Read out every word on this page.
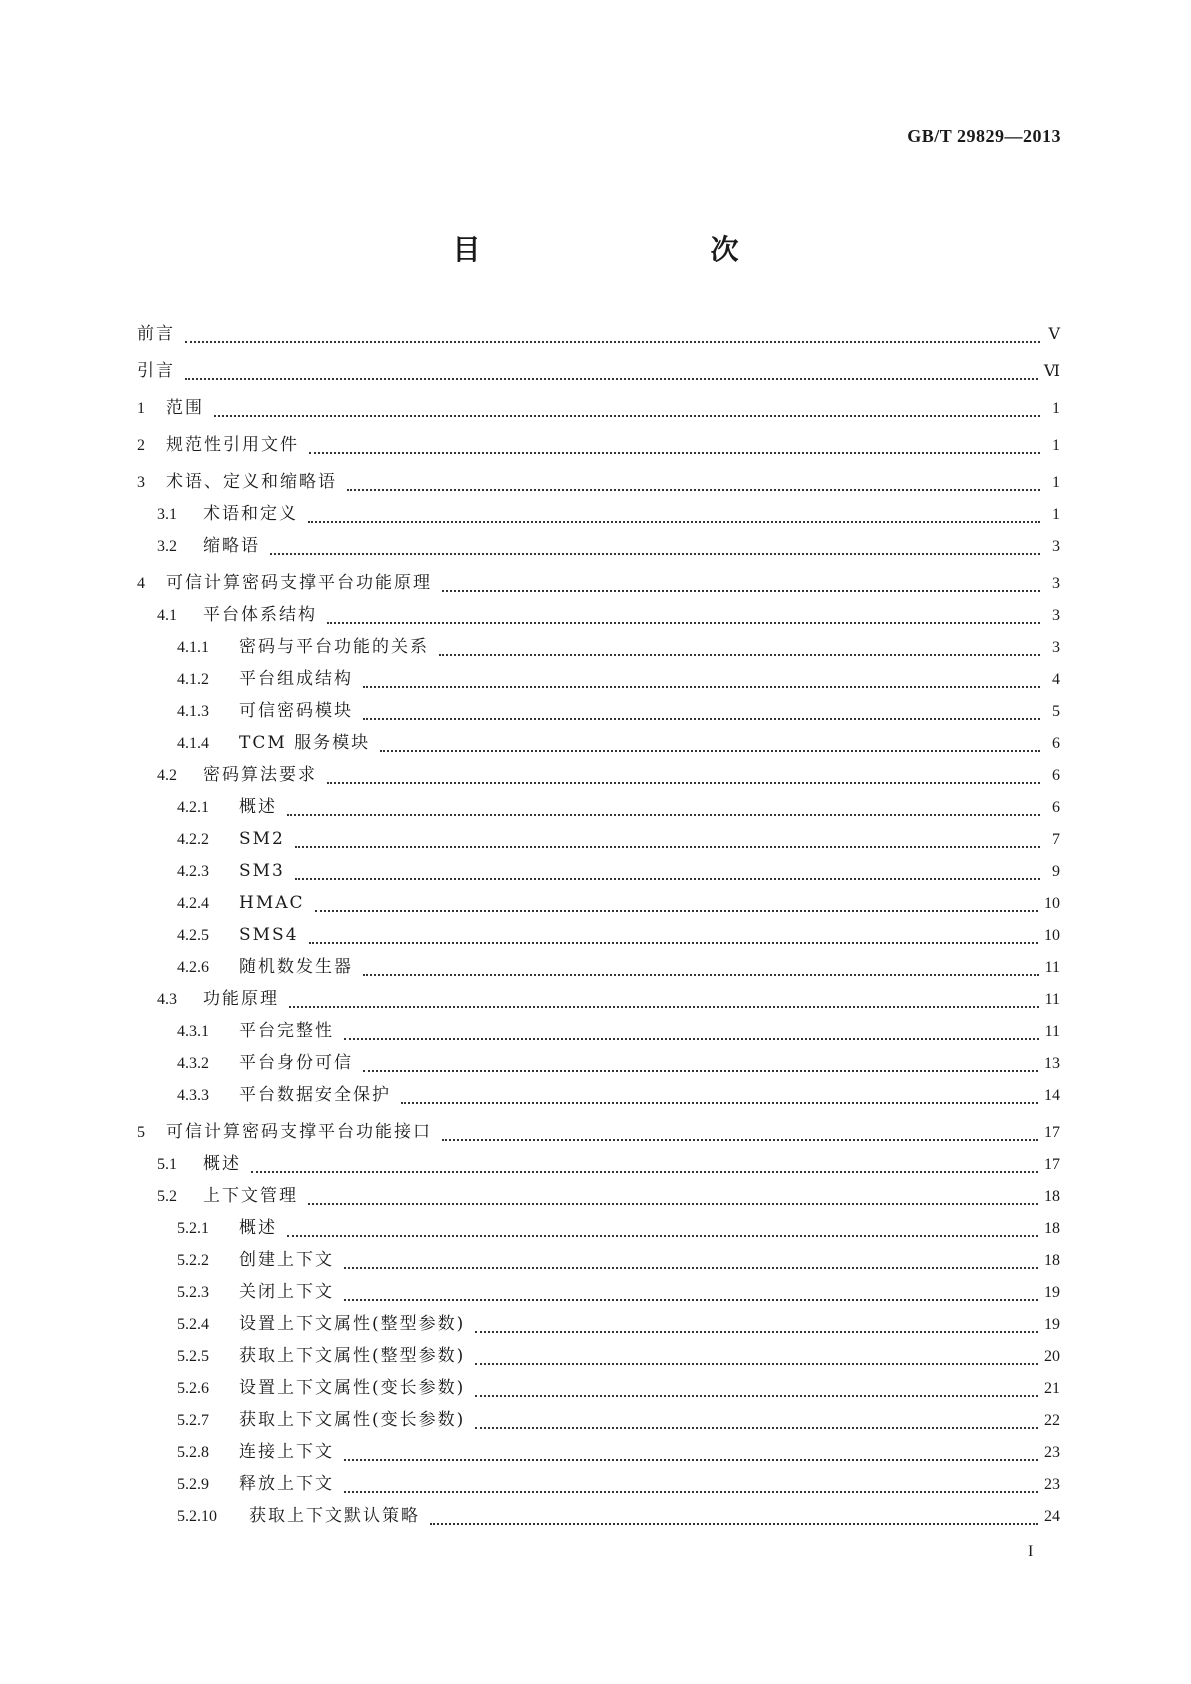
GB/T 29829—2013
目　　次
前言	Ⅴ
引言	Ⅵ
1	范围	1
2	规范性引用文件	1
3	术语、定义和缩略语	1
3.1	术语和定义	1
3.2	缩略语	3
4	可信计算密码支撑平台功能原理	3
4.1	平台体系结构	3
4.1.1	密码与平台功能的关系	3
4.1.2	平台组成结构	4
4.1.3	可信密码模块	5
4.1.4	TCM 服务模块	6
4.2	密码算法要求	6
4.2.1	概述	6
4.2.2	SM2	7
4.2.3	SM3	9
4.2.4	HMAC	10
4.2.5	SMS4	10
4.2.6	随机数发生器	11
4.3	功能原理	11
4.3.1	平台完整性	11
4.3.2	平台身份可信	13
4.3.3	平台数据安全保护	14
5	可信计算密码支撑平台功能接口	17
5.1	概述	17
5.2	上下文管理	18
5.2.1	概述	18
5.2.2	创建上下文	18
5.2.3	关闭上下文	19
5.2.4	设置上下文属性(整型参数)	19
5.2.5	获取上下文属性(整型参数)	20
5.2.6	设置上下文属性(变长参数)	21
5.2.7	获取上下文属性(变长参数)	22
5.2.8	连接上下文	23
5.2.9	释放上下文	23
5.2.10	获取上下文默认策略	24
I
